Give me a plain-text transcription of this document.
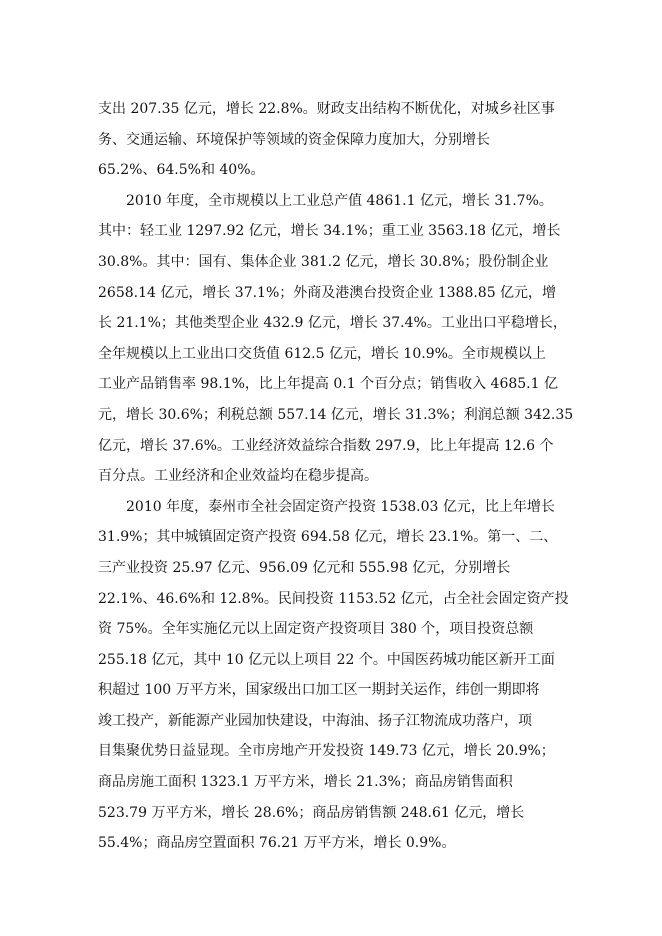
支出 207.35 亿元，增长 22.8%。财政支出结构不断优化，对城乡社区事
务、交通运输、环境保护等领域的资金保障力度加大，分别增长
65.2%、64.5%和 40%。
2010 年度，全市规模以上工业总产值 4861.1 亿元，增长 31.7%。
其中：轻工业 1297.92 亿元，增长 34.1%；重工业 3563.18 亿元，增长
30.8%。其中：国有、集体企业 381.2 亿元，增长 30.8%；股份制企业
2658.14 亿元，增长 37.1%；外商及港澳台投资企业 1388.85 亿元，增
长 21.1%；其他类型企业 432.9 亿元，增长 37.4%。工业出口平稳增长，
全年规模以上工业出口交货值 612.5 亿元，增长 10.9%。全市规模以上
工业产品销售率 98.1%，比上年提高 0.1 个百分点；销售收入 4685.1 亿
元，增长 30.6%；利税总额 557.14 亿元，增长 31.3%；利润总额 342.35
亿元，增长 37.6%。工业经济效益综合指数 297.9，比上年提高 12.6 个
百分点。工业经济和企业效益均在稳步提高。
2010 年度，泰州市全社会固定资产投资 1538.03 亿元，比上年增长
31.9%；其中城镇固定资产投资 694.58 亿元，增长 23.1%。第一、二、
三产业投资 25.97 亿元、956.09 亿元和 555.98 亿元，分别增长
22.1%、46.6%和 12.8%。民间投资 1153.52 亿元，占全社会固定资产投
资 75%。全年实施亿元以上固定资产投资项目 380 个，项目投资总额
255.18 亿元，其中 10 亿元以上项目 22 个。中国医药城功能区新开工面
积超过 100 万平方米，国家级出口加工区一期封关运作，纬创一期即将
竣工投产，新能源产业园加快建设，中海油、扬子江物流成功落户，项
目集聚优势日益显现。全市房地产开发投资 149.73 亿元，增长 20.9%；
商品房施工面积 1323.1 万平方米，增长 21.3%；商品房销售面积
523.79 万平方米，增长 28.6%；商品房销售额 248.61 亿元，增长
55.4%；商品房空置面积 76.21 万平方米，增长 0.9%。
